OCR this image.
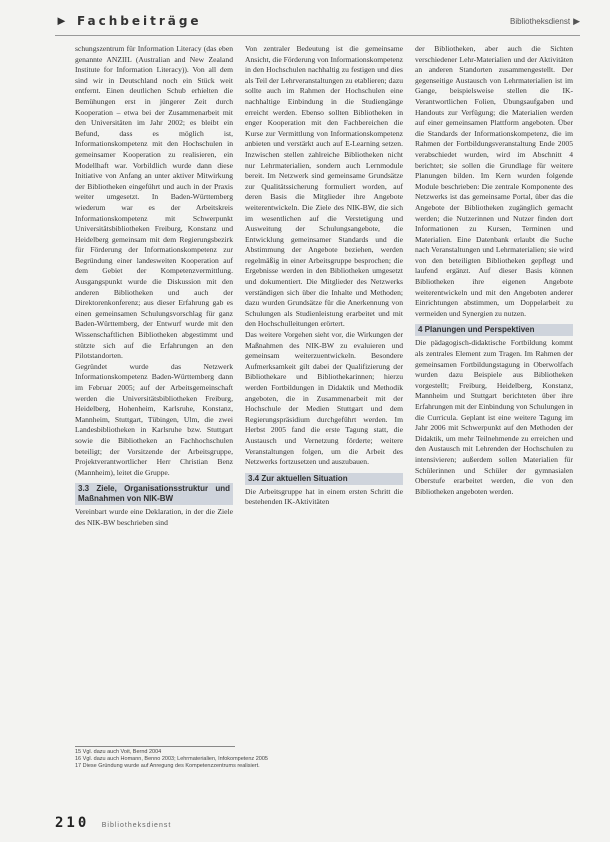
► Fachbeiträge	Bibliotheksdienst ▶

schungszentrum für Information Literacy (das eben genannte ANZIIL (Australian and New Zealand Institute for Information Literacy)). Von all dem sind wir in Deutschland noch ein Stück weit entfernt. Einen deutlichen Schub erhielten die Bemühungen erst in jüngerer Zeit durch Kooperation – etwa bei der Zusammenarbeit mit den Universitäten im Jahr 2002; es bleibt ein Befund, dass es möglich ist, Informationskompetenz mit den Hochschulen in gemeinsamer Kooperation zu realisieren, ein Modellhaft war. Vorbildlich wurde dann diese Initiative von Anfang an unter aktiver Mitwirkung der Bibliotheken eingeführt und auch in der Praxis weiter umgesetzt. In Baden-Württemberg wiederum war es der Arbeitskreis Informationskompetenz mit Schwerpunkt Universitätsbibliotheken Freiburg, Konstanz und Heidelberg gemeinsam mit dem Regierungsbezirk für Förderung der Informationskompetenz zur Begründung einer landesweiten Kooperation auf dem Gebiet der Kompetenzvermittlung. Ausgangspunkt wurde die Diskussion mit den anderen Bibliotheken und auch der Direktorenkonferenz; aus dieser Erfahrung gab es einen gemeinsamen Schulungsvorschlag für ganz Baden-Württemberg, der Entwurf wurde mit den Wissenschaftlichen Bibliotheken abgestimmt und stützte sich auf die Erfahrungen an den Pilotstandorten.

Gegründet wurde das Netzwerk Informationskompetenz Baden-Württemberg dann im Februar 2005; auf der Arbeitsgemeinschaft werden die Universitätsbibliotheken Freiburg, Heidelberg, Hohenheim, Karlsruhe, Konstanz, Mannheim, Stuttgart, Tübingen, Ulm, die zwei Landesbibliotheken in Karlsruhe bzw. Stuttgart sowie die Bibliotheken an Fachhochschulen beteiligt; der Vorsitzende der Arbeitsgruppe, Projektverantwortlicher Herr Christian Benz (Mannheim), leitet die Gruppe.

3.3 Ziele, Organisationsstruktur und Maßnahmen von NIK-BW

Vereinbart wurde eine Deklaration, in der die Ziele des NIK-BW beschrieben sind

15 Vgl. dazu auch Voit, Bernd 2004
16 Vgl. dazu auch Homann, Benno 2003; Lehrmaterialien, Infokompetenz 2005
17 Diese Gründung wurde auf Anregung des Kompetenzzentrums realisiert.

Von zentraler Bedeutung ist die gemeinsame Ansicht, die Förderung von Informationskompetenz in den Hochschulen nachhaltig zu festigen und dies als Teil der Lehrveranstaltungen zu etablieren; dazu sollte auch im Rahmen der Hochschulen eine nachhaltige Einbindung in die Studiengänge erreicht werden. Ebenso sollten Bibliotheken in enger Kooperation mit den Fachbereichen die Kurse zur Vermittlung von Informationskompetenz anbieten und verstärkt auch auf E-Learning setzen. Inzwischen stellen zahlreiche Bibliotheken nicht nur Lehrmaterialien, sondern auch Lernmodule bereit. Im Netzwerk sind gemeinsame Grundsätze zur Qualitätssicherung formuliert worden, auf deren Basis die Mitglieder ihre Angebote weiterentwickeln. Die Ziele des NIK-BW, die sich im wesentlichen auf die Verstetigung und Ausweitung der Schulungsangebote, die Entwicklung gemeinsamer Standards und die Abstimmung der Angebote beziehen, werden regelmäßig in einer Arbeitsgruppe besprochen; die Ergebnisse werden in den Bibliotheken umgesetzt und dokumentiert. Die Mitglieder des Netzwerks verständigen sich über die Inhalte und Methoden; dazu wurden Grundsätze für die Anerkennung von Schulungen als Studienleistung erarbeitet und mit den Hochschulleitungen erörtert.

Das weitere Vorgehen sieht vor, die Wirkungen der Maßnahmen des NIK-BW zu evaluieren und gemeinsam weiterzuentwickeln. Besondere Aufmerksamkeit gilt dabei der Qualifizierung der Bibliothekare und Bibliothekarinnen; hierzu werden Fortbildungen in Didaktik und Methodik angeboten, die in Zusammenarbeit mit der Hochschule der Medien Stuttgart und dem Regierungspräsidium durchgeführt werden. Im Herbst 2005 fand die erste Tagung statt, die Austausch und Vernetzung förderte; weitere Veranstaltungen folgen, um die Arbeit des Netzwerks fortzusetzen und auszubauen.

3.4 Zur aktuellen Situation

Die Arbeitsgruppe hat in einem ersten Schritt die bestehenden IK-Aktivitäten

der Bibliotheken, aber auch die Sichten verschiedener Lehr-Materialien und der Aktivitäten an anderen Standorten zusammengestellt. Der gegenseitige Austausch von Lehrmaterialien ist im Gange, beispielsweise stellen die IK-Verantwortlichen Folien, Übungsaufgaben und Handouts zur Verfügung; die Materialien werden auf einer gemeinsamen Plattform angeboten. Über die Standards der Informationskompetenz, die im Rahmen der Fortbildungsveranstaltung Ende 2005 verabschiedet wurden, wird im Abschnitt 4 berichtet; sie sollen die Grundlage für weitere Planungen bilden. Im Kern wurden folgende Module beschrieben: Die zentrale Komponente des Netzwerks ist das gemeinsame Portal, über das die Angebote der Bibliotheken zugänglich gemacht werden; die Nutzerinnen und Nutzer finden dort Informationen zu Kursen, Terminen und Materialien. Eine Datenbank erlaubt die Suche nach Veranstaltungen und Lehrmaterialien; sie wird von den beteiligten Bibliotheken gepflegt und laufend ergänzt. Auf dieser Basis können Bibliotheken ihre eigenen Angebote weiterentwickeln und mit den Angeboten anderer Einrichtungen abstimmen, um Doppelarbeit zu vermeiden und Synergien zu nutzen.

4 Planungen und Perspektiven

Die pädagogisch-didaktische Fortbildung kommt als zentrales Element zum Tragen. Im Rahmen der gemeinsamen Fortbildungstagung in Oberwolfach wurden dazu Beispiele aus Bibliotheken vorgestellt; Freiburg, Heidelberg, Konstanz, Mannheim und Stuttgart berichteten über ihre Erfahrungen mit der Einbindung von Schulungen in die Curricula. Geplant ist eine weitere Tagung im Jahr 2006 mit Schwerpunkt auf den Methoden der Didaktik, um mehr Teilnehmende zu erreichen und den Austausch mit Lehrenden der Hochschulen zu intensivieren; außerdem sollen Materialien für Schülerinnen und Schüler der gymnasialen Oberstufe erarbeitet werden, die von den Bibliotheken angeboten werden.

210 Bibliotheksdienst
